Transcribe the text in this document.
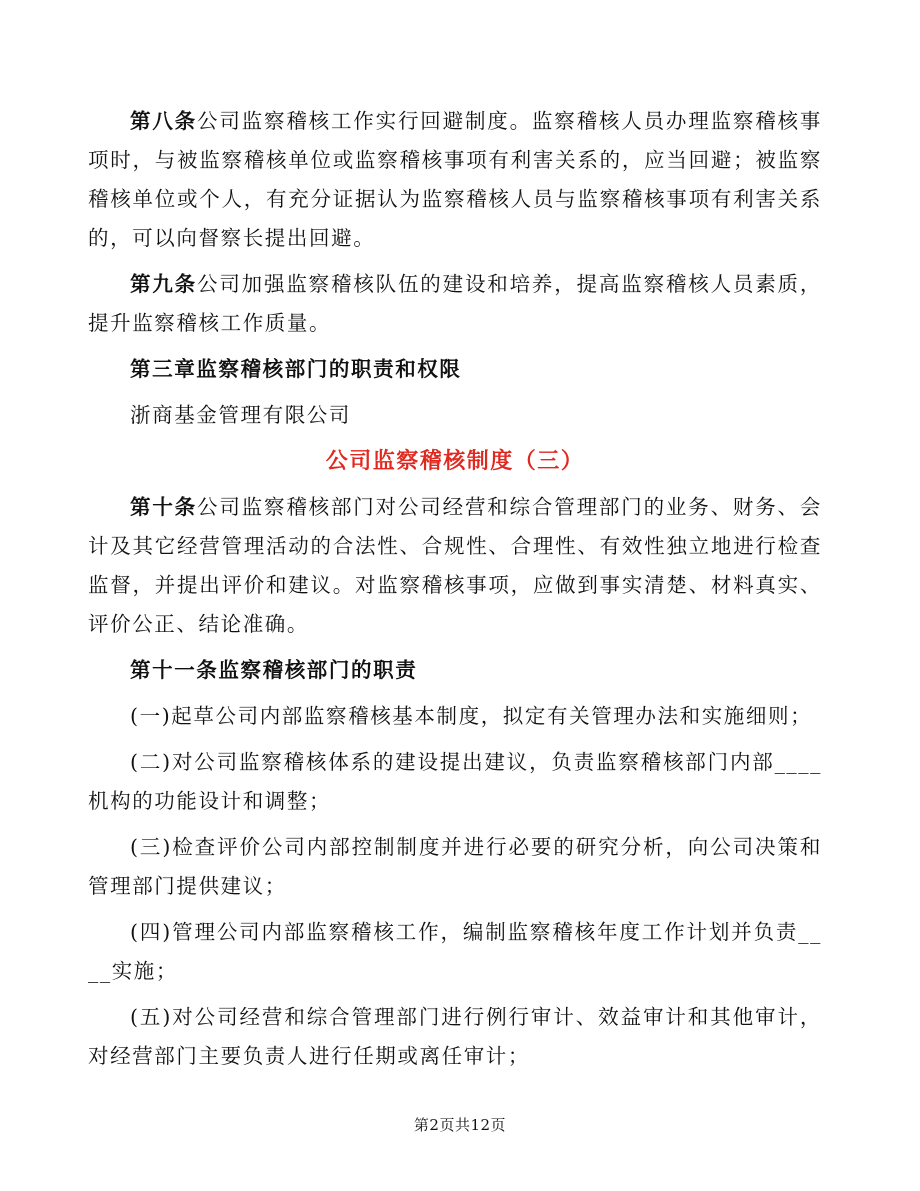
第八条公司监察稽核工作实行回避制度。监察稽核人员办理监察稽核事项时，与被监察稽核单位或监察稽核事项有利害关系的，应当回避；被监察稽核单位或个人，有充分证据认为监察稽核人员与监察稽核事项有利害关系的，可以向督察长提出回避。

第九条公司加强监察稽核队伍的建设和培养，提高监察稽核人员素质，提升监察稽核工作质量。

第三章监察稽核部门的职责和权限

浙商基金管理有限公司

公司监察稽核制度（三）

第十条公司监察稽核部门对公司经营和综合管理部门的业务、财务、会计及其它经营管理活动的合法性、合规性、合理性、有效性独立地进行检查监督，并提出评价和建议。对监察稽核事项，应做到事实清楚、材料真实、评价公正、结论准确。

第十一条监察稽核部门的职责

(一)起草公司内部监察稽核基本制度，拟定有关管理办法和实施细则；

(二)对公司监察稽核体系的建设提出建议，负责监察稽核部门内部____机构的功能设计和调整；

(三)检查评价公司内部控制制度并进行必要的研究分析，向公司决策和管理部门提供建议；

(四)管理公司内部监察稽核工作，编制监察稽核年度工作计划并负责____实施；

(五)对公司经营和综合管理部门进行例行审计、效益审计和其他审计，对经营部门主要负责人进行任期或离任审计；

第2页共12页
